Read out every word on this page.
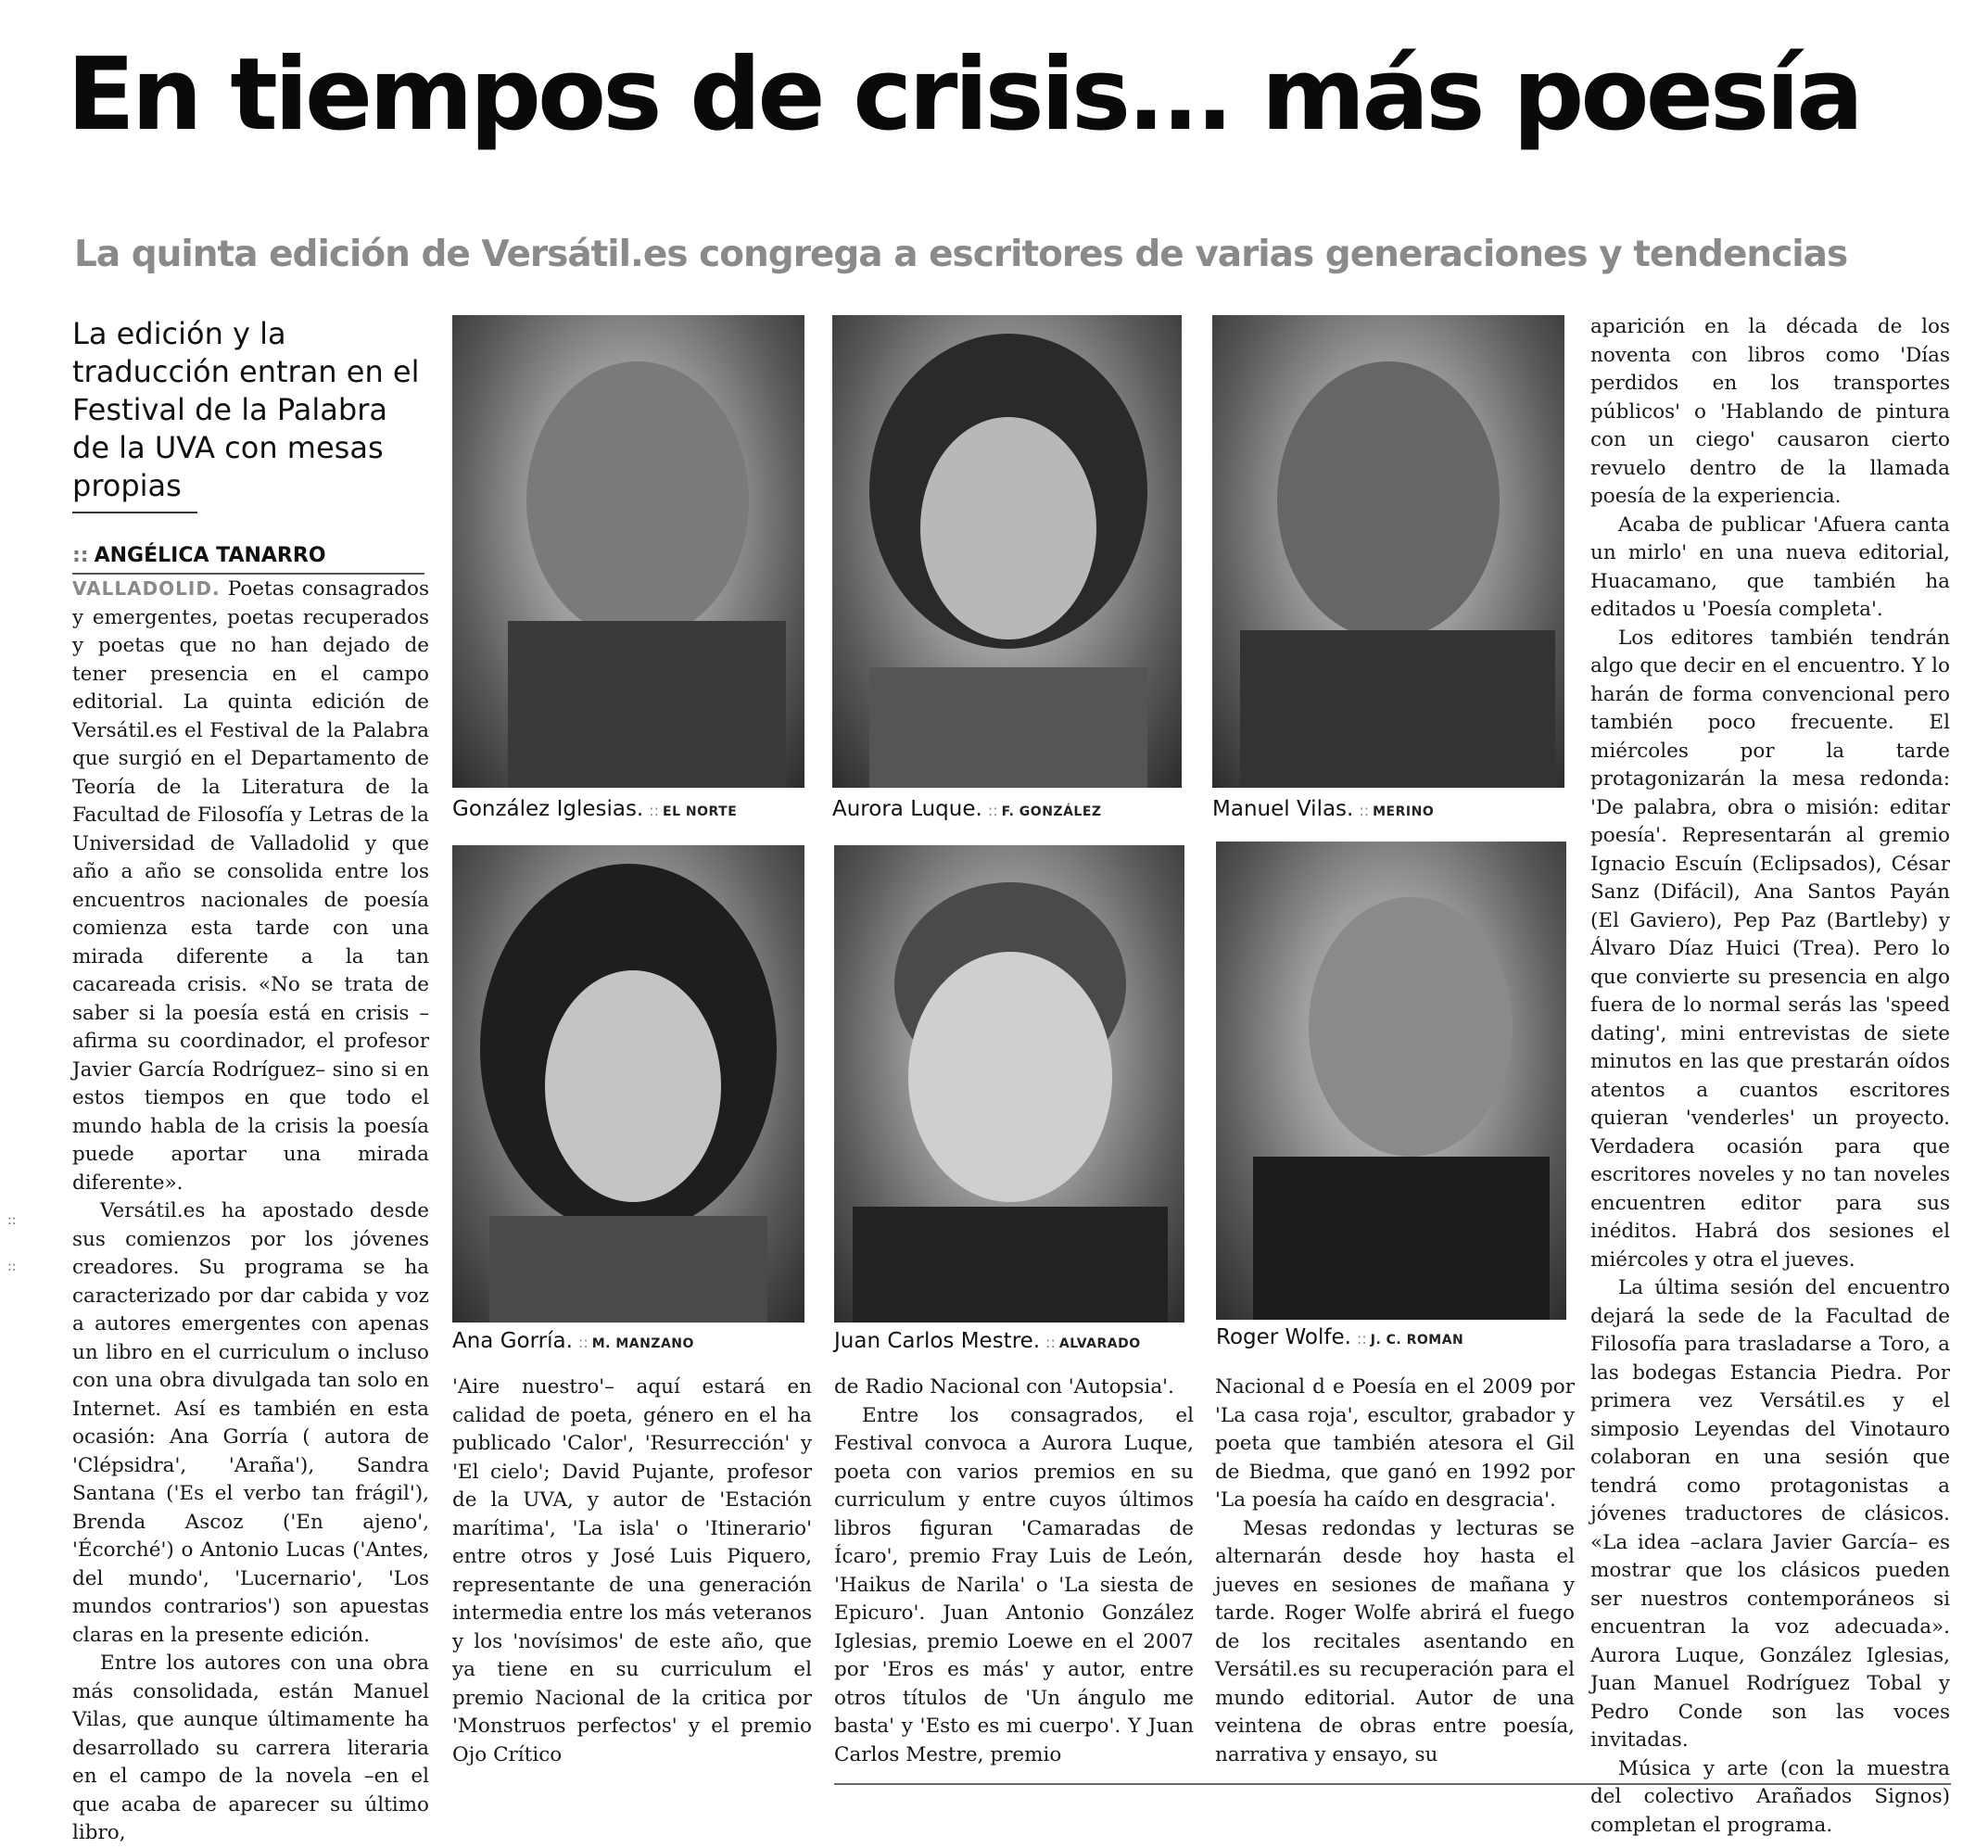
En tiempos de crisis... más poesía
La quinta edición de Versátil.es congrega a escritores de varias generaciones y tendencias

La edición y la traducción entran en el Festival de la Palabra de la UVA con mesas propias

:: ANGÉLICA TANARRO

VALLADOLID. Poetas consagrados y emergentes, poetas recuperados y poetas que no han dejado de tener presencia en el campo editorial. La quinta edición de Versátil.es el Festival de la Palabra que surgió en el Departamento de Teoría de la Literatura de la Facultad de Filosofía y Letras de la Universidad de Valladolid y que año a año se consolida entre los encuentros nacionales de poesía comienza esta tarde con una mirada diferente a la tan cacareada crisis. «No se trata de saber si la poesía está en crisis –afirma su coordinador, el profesor Javier García Rodríguez– sino si en estos tiempos en que todo el mundo habla de la crisis la poesía puede aportar una mirada diferente».

Versátil.es ha apostado desde sus comienzos por los jóvenes creadores. Su programa se ha caracterizado por dar cabida y voz a autores emergentes con apenas un libro en el curriculum o incluso con una obra divulgada tan solo en Internet. Así es también en esta ocasión: Ana Gorría ( autora de 'Clépsidra', 'Araña'), Sandra Santana ('Es el verbo tan frágil'), Brenda Ascoz ('En ajeno', 'Écorché') o Antonio Lucas ('Antes, del mundo', 'Lucernario', 'Los mundos contrarios') son apuestas claras en la presente edición.

Entre los autores con una obra más consolidada, están Manuel Vilas, que aunque últimamente ha desarrollado su carrera literaria en el campo de la novela –en el que acaba de aparecer su último libro,

González Iglesias. :: EL NORTE	Aurora Luque. :: F. GONZÁLEZ	Manuel Vilas. :: MERINO

Ana Gorría. :: M. MANZANO	Juan Carlos Mestre. :: ALVARADO	Roger Wolfe. :: J. C. ROMAN

'Aire nuestro'– aquí estará en calidad de poeta, género en el ha publicado 'Calor', 'Resurrección' y 'El cielo'; David Pujante, profesor de la UVA, y autor de 'Estación marítima', 'La isla' o 'Itinerario' entre otros y José Luis Piquero, representante de una generación intermedia entre los más veteranos y los 'novísimos' de este año, que ya tiene en su curriculum el premio Nacional de la critica por 'Monstruos perfectos' y el premio Ojo Crítico

de Radio Nacional con 'Autopsia'.

Entre los consagrados, el Festival convoca a Aurora Luque, poeta con varios premios en su curriculum y entre cuyos últimos libros figuran 'Camaradas de Ícaro', premio Fray Luis de León, 'Haikus de Narila' o 'La siesta de Epicuro'. Juan Antonio González Iglesias, premio Loewe en el 2007 por 'Eros es más' y autor, entre otros títulos de 'Un ángulo me basta' y 'Esto es mi cuerpo'. Y Juan Carlos Mestre, premio

Nacional d e Poesía en el 2009 por 'La casa roja', escultor, grabador y poeta que también atesora el Gil de Biedma, que ganó en 1992 por 'La poesía ha caído en desgracia'.

Mesas redondas y lecturas se alternarán desde hoy hasta el jueves en sesiones de mañana y tarde. Roger Wolfe abrirá el fuego de los recitales asentando en Versátil.es su recuperación para el mundo editorial. Autor de una veintena de obras entre poesía, narrativa y ensayo, su

aparición en la década de los noventa con libros como 'Días perdidos en los transportes públicos' o 'Hablando de pintura con un ciego' causaron cierto revuelo dentro de la llamada poesía de la experiencia.

Acaba de publicar 'Afuera canta un mirlo' en una nueva editorial, Huacamano, que también ha editados u 'Poesía completa'.

Los editores también tendrán algo que decir en el encuentro. Y lo harán de forma convencional pero también poco frecuente. El miércoles por la tarde protagonizarán la mesa redonda: 'De palabra, obra o misión: editar poesía'. Representarán al gremio Ignacio Escuín (Eclipsados), César Sanz (Difácil), Ana Santos Payán (El Gaviero), Pep Paz (Bartleby) y Álvaro Díaz Huici (Trea). Pero lo que convierte su presencia en algo fuera de lo normal serás las 'speed dating', mini entrevistas de siete minutos en las que prestarán oídos atentos a cuantos escritores quieran 'venderles' un proyecto. Verdadera ocasión para que escritores noveles y no tan noveles encuentren editor para sus inéditos. Habrá dos sesiones el miércoles y otra el jueves.

La última sesión del encuentro dejará la sede de la Facultad de Filosofía para trasladarse a Toro, a las bodegas Estancia Piedra. Por primera vez Versátil.es y el simposio Leyendas del Vinotauro colaboran en una sesión que tendrá como protagonistas a jóvenes traductores de clásicos. «La idea –aclara Javier García– es mostrar que los clásicos pueden ser nuestros contemporáneos si encuentran la voz adecuada». Aurora Luque, González Iglesias, Juan Manuel Rodríguez Tobal y Pedro Conde son las voces invitadas.

Música y arte (con la muestra del colectivo Arañados Signos) completan el programa.

::
::
